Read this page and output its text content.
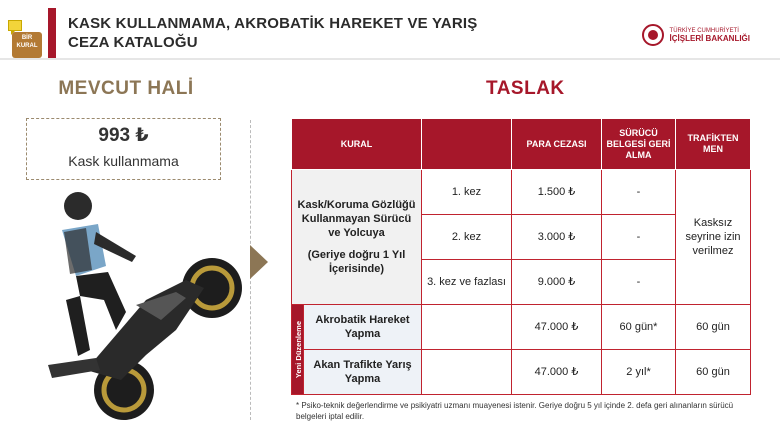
BİR KURAL
KASK KULLANMAMA, AKROBATİK HAREKET VE YARIŞ
CEZA KATALOĞU
TÜRKİYE CUMHURİYETİ
İÇİŞLERİ BAKANLIĞI
MEVCUT HALİ
993 ₺
Kask kullanmama
TASLAK
KURAL			PARA CEZASI	SÜRÜCÜ BELGESİ GERİ ALMA	TRAFİKTEN MEN

Kask/Koruma Gözlüğü Kullanmayan Sürücü ve Yolcuya
(Geriye doğru 1 Yıl İçerisinde)		1. kez	1.500 ₺	-	Kasksız seyrine izin verilmez
		2. kez	3.000 ₺	-	
		3. kez ve fazlası	9.000 ₺	-	

Yeni Düzenleme	Akrobatik Hareket Yapma		47.000 ₺	60 gün*	60 gün
	Akan Trafikte Yarış Yapma		47.000 ₺	2 yıl*	60 gün
* Psiko-teknik değerlendirme ve psikiyatri uzmanı muayenesi istenir. Geriye doğru 5 yıl içinde 2. defa geri alınanların sürücü belgeleri iptal edilir.
